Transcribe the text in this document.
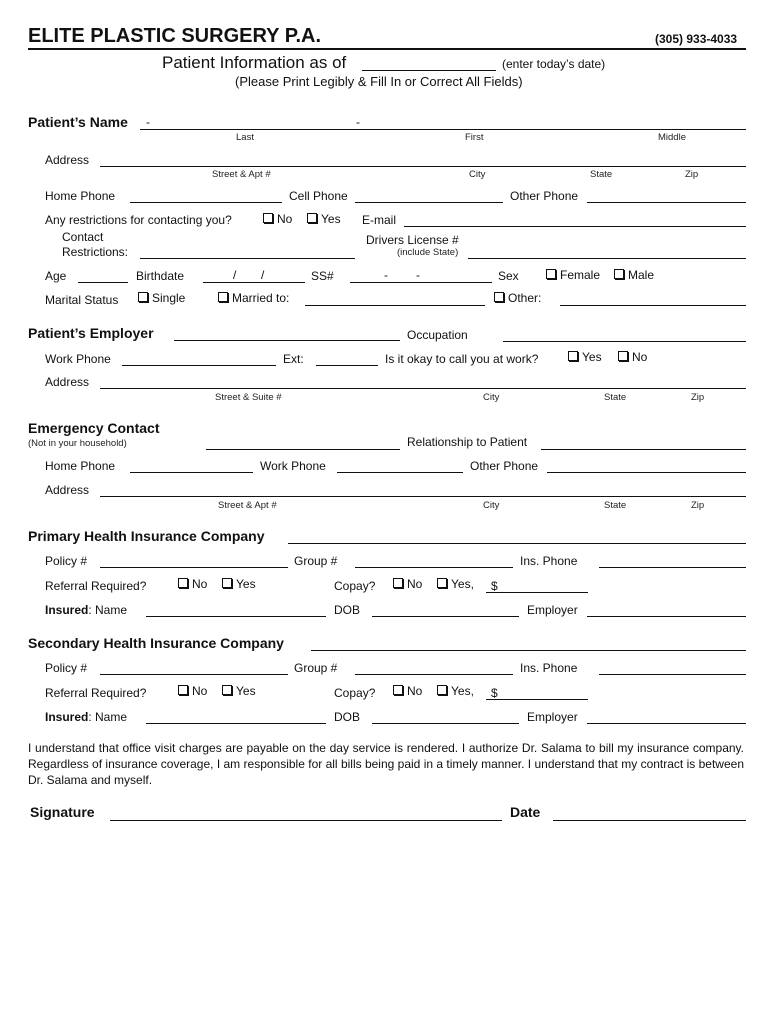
ELITE PLASTIC SURGERY P.A.	(305) 933-4033
Patient Information as of	(enter today’s date)
(Please Print Legibly & Fill In or Correct All Fields)
Patient’s Name -	-
Last	First	Middle
Address
Street & Apt #	City	State	Zip
Home Phone	Cell Phone	Other Phone
Any restrictions for contacting you?	No Yes E-mail
Contact
Restrictions:
Drivers License #
(include State)
Age	Birthdate	/ /	SS#	- -	Sex	Female Male
Marital Status	Single	Married to:	Other:
Patient’s Employer	Occupation
Work Phone	Ext:	Is it okay to call you at work?	Yes	No
Address
Street & Suite #	City	State	Zip
Emergency Contact
(Not in your household)	Relationship to Patient
Home Phone	Work Phone	Other Phone
Address
Street & Apt #	City	State	Zip
Primary Health Insurance Company
Policy #	Group #	Ins. Phone
Referral Required?	No Yes	Copay?	No Yes, $
Insured: Name	DOB	Employer
Secondary Health Insurance Company
Policy #	Group #	Ins. Phone
Referral Required?	No Yes	Copay?	No Yes, $
Insured: Name	DOB	Employer
I understand that office visit charges are payable on the day service is rendered. I authorize Dr. Salama to bill my insurance company. Regardless of insurance coverage, I am responsible for all bills being paid in a timely manner. I understand that my contract is between Dr. Salama and myself.
Signature	Date
